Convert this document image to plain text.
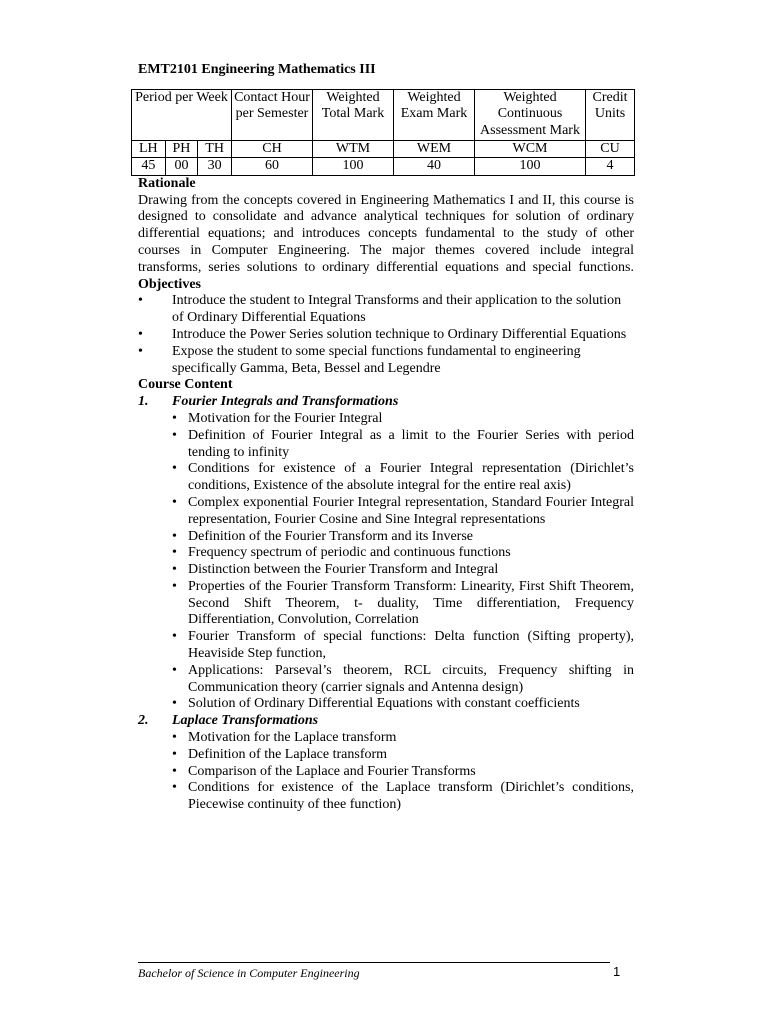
EMT2101 Engineering Mathematics III
Period per Week			Contact Hour per Semester	Weighted Total Mark	Weighted Exam Mark	Weighted Continuous Assessment Mark	Credit Units
LH	PH	TH	CH	WTM	WEM	WCM	CU
45	00	30	60	100	40	100	4
Rationale

Drawing from the concepts covered in Engineering Mathematics I and II, this course is designed to consolidate and advance analytical techniques for solution of ordinary differential equations; and introduces concepts fundamental to the study of other courses in Computer Engineering. The major themes covered include integral transforms, series solutions to ordinary differential equations and special functions. Objectives

• Introduce the student to Integral Transforms and their application to the solution of Ordinary Differential Equations
• Introduce the Power Series solution technique to Ordinary Differential Equations
• Expose the student to some special functions fundamental to engineering specifically Gamma, Beta, Bessel and Legendre
Course Content
1. Fourier Integrals and Transformations
• Motivation for the Fourier Integral
• Definition of Fourier Integral as a limit to the Fourier Series with period tending to infinity
• Conditions for existence of a Fourier Integral representation (Dirichlet’s conditions, Existence of the absolute integral for the entire real axis)
• Complex exponential Fourier Integral representation, Standard Fourier Integral representation, Fourier Cosine and Sine Integral representations
• Definition of the Fourier Transform and its Inverse
• Frequency spectrum of periodic and continuous functions
• Distinction between the Fourier Transform and Integral
• Properties of the Fourier Transform Transform: Linearity, First Shift Theorem, Second Shift Theorem, t- duality, Time differentiation, Frequency Differentiation, Convolution, Correlation
• Fourier Transform of special functions: Delta function (Sifting property), Heaviside Step function,
• Applications: Parseval’s theorem, RCL circuits, Frequency shifting in Communication theory (carrier signals and Antenna design)
• Solution of Ordinary Differential Equations with constant coefficients
2. Laplace Transformations
• Motivation for the Laplace transform
• Definition of the Laplace transform
• Comparison of the Laplace and Fourier Transforms
• Conditions for existence of the Laplace transform (Dirichlet’s conditions, Piecewise continuity of thee function)
Bachelor of Science in Computer Engineering	1
